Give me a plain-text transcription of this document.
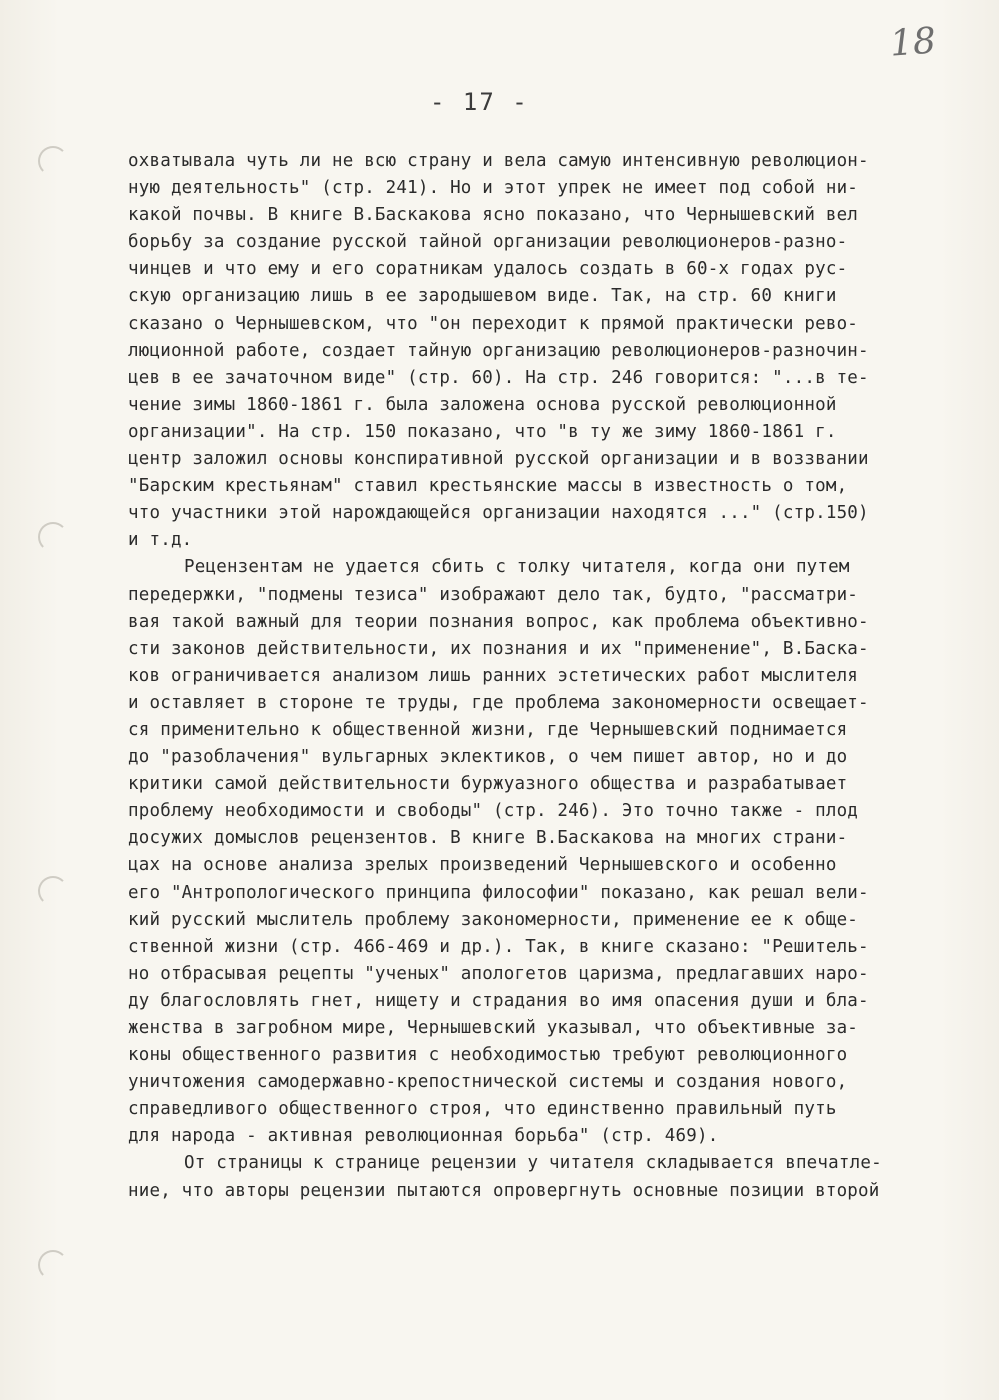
18
- 17 -
охватывала чуть ли не всю страну и вела самую интенсивную революцион-
ную деятельность" (стр. 241). Но и этот упрек не имеет под собой ни-
какой почвы. В книге В.Баскакова ясно показано, что Чернышевский вел
борьбу за создание русской тайной организации революционеров-разно-
чинцев и что ему и его соратникам удалось создать в 60-х годах рус-
скую организацию лишь в ее зародышевом виде. Так, на стр. 60 книги
сказано о Чернышевском, что "он переходит к прямой практически рево-
люционной работе, создает тайную организацию революционеров-разночин-
цев в ее зачаточном виде" (стр. 60). На стр. 246 говорится: "...в те-
чение зимы 1860-1861 г. была заложена основа русской революционной
организации". На стр. 150 показано, что "в ту же зиму 1860-1861 г.
центр заложил основы конспиративной русской организации и в воззвании
"Барским крестьянам" ставил крестьянские массы в известность о том,
что участники этой нарождающейся организации находятся ..." (стр.150)
и т.д.
Рецензентам не удается сбить с толку читателя, когда они путем
передержки, "подмены тезиса" изображают дело так, будто, "рассматри-
вая такой важный для теории познания вопрос, как проблема объективно-
сти законов действительности, их познания и их "применение", В.Баска-
ков ограничивается анализом лишь ранних эстетических работ мыслителя
и оставляет в стороне те труды, где проблема закономерности освещает-
ся применительно к общественной жизни, где Чернышевский поднимается
до "разоблачения" вульгарных эклектиков, о чем пишет автор, но и до
критики самой действительности буржуазного общества и разрабатывает
проблему необходимости и свободы" (стр. 246). Это точно также - плод
досужих домыслов рецензентов. В книге В.Баскакова на многих страни-
цах на основе анализа зрелых произведений Чернышевского и особенно
его "Антропологического принципа философии" показано, как решал вели-
кий русский мыслитель проблему закономерности, применение ее к обще-
ственной жизни (стр. 466-469 и др.). Так, в книге сказано: "Решитель-
но отбрасывая рецепты "ученых" апологетов царизма, предлагавших наро-
ду благословлять гнет, нищету и страдания во имя опасения души и бла-
женства в загробном мире, Чернышевский указывал, что объективные за-
коны общественного развития с необходимостью требуют революционного
уничтожения самодержавно-крепостнической системы и создания нового,
справедливого общественного строя, что единственно правильный путь
для народа - активная революционная борьба" (стр. 469).
От страницы к странице рецензии у читателя складывается впечатле-
ние, что авторы рецензии пытаются опровергнуть основные позиции второй
